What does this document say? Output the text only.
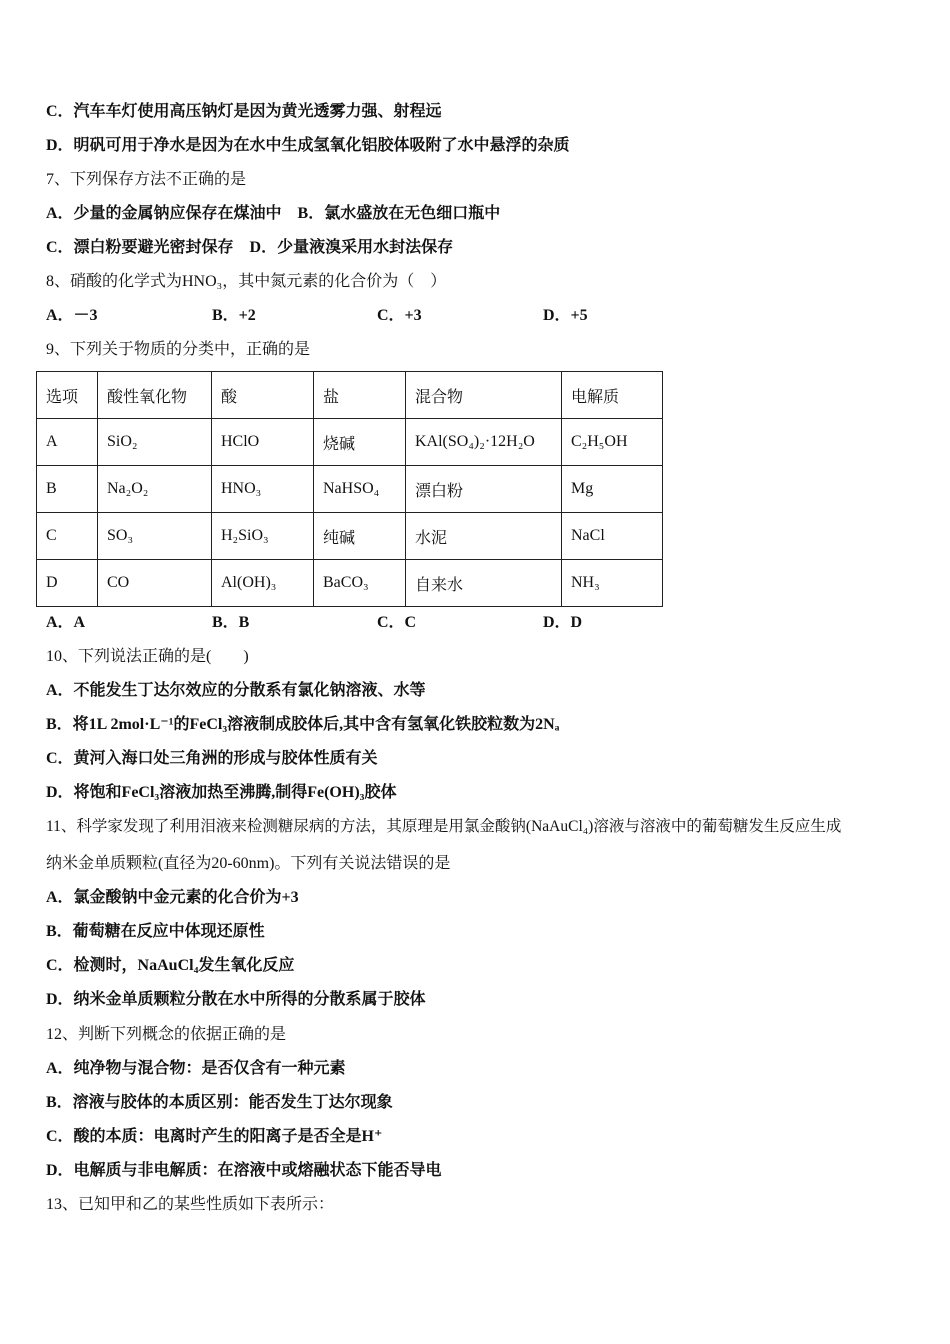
C．汽车车灯使用高压钠灯是因为黄光透雾力强、射程远
D．明矾可用于净水是因为在水中生成氢氧化铝胶体吸附了水中悬浮的杂质
7、下列保存方法不正确的是
A．少量的金属钠应保存在煤油中　B．氯水盛放在无色细口瓶中
C．漂白粉要避光密封保存　D．少量液溴采用水封法保存
8、硝酸的化学式为HNO₃，其中氮元素的化合价为（　）
A．－3	B．+2	C．+3	D．+5
9、下列关于物质的分类中，正确的是
选项	酸性氧化物	酸	盐	混合物	电解质
A	SiO₂	HClO	烧碱	KAl(SO₄)₂·12H₂O	C₂H₅OH
B	Na₂O₂	HNO₃	NaHSO₄	漂白粉	Mg
C	SO₃	H₂SiO₃	纯碱	水泥	NaCl
D	CO	Al(OH)₃	BaCO₃	自来水	NH₃
A．A	B．B	C．C	D．D
10、下列说法正确的是(　　)
A．不能发生丁达尔效应的分散系有氯化钠溶液、水等
B．将1L 2mol·L⁻¹的FeCl₃溶液制成胶体后,其中含有氢氧化铁胶粒数为2Nₐ
C．黄河入海口处三角洲的形成与胶体性质有关
D．将饱和FeCl₃溶液加热至沸腾,制得Fe(OH)₃胶体
11、科学家发现了利用泪液来检测糖尿病的方法，其原理是用氯金酸钠(NaAuCl₄)溶液与溶液中的葡萄糖发生反应生成
纳米金单质颗粒(直径为20-60nm)。下列有关说法错误的是
A．氯金酸钠中金元素的化合价为+3
B．葡萄糖在反应中体现还原性
C．检测时，NaAuCl₄发生氧化反应
D．纳米金单质颗粒分散在水中所得的分散系属于胶体
12、判断下列概念的依据正确的是
A．纯净物与混合物：是否仅含有一种元素
B．溶液与胶体的本质区别：能否发生丁达尔现象
C．酸的本质：电离时产生的阳离子是否全是H⁺
D．电解质与非电解质：在溶液中或熔融状态下能否导电
13、已知甲和乙的某些性质如下表所示：
